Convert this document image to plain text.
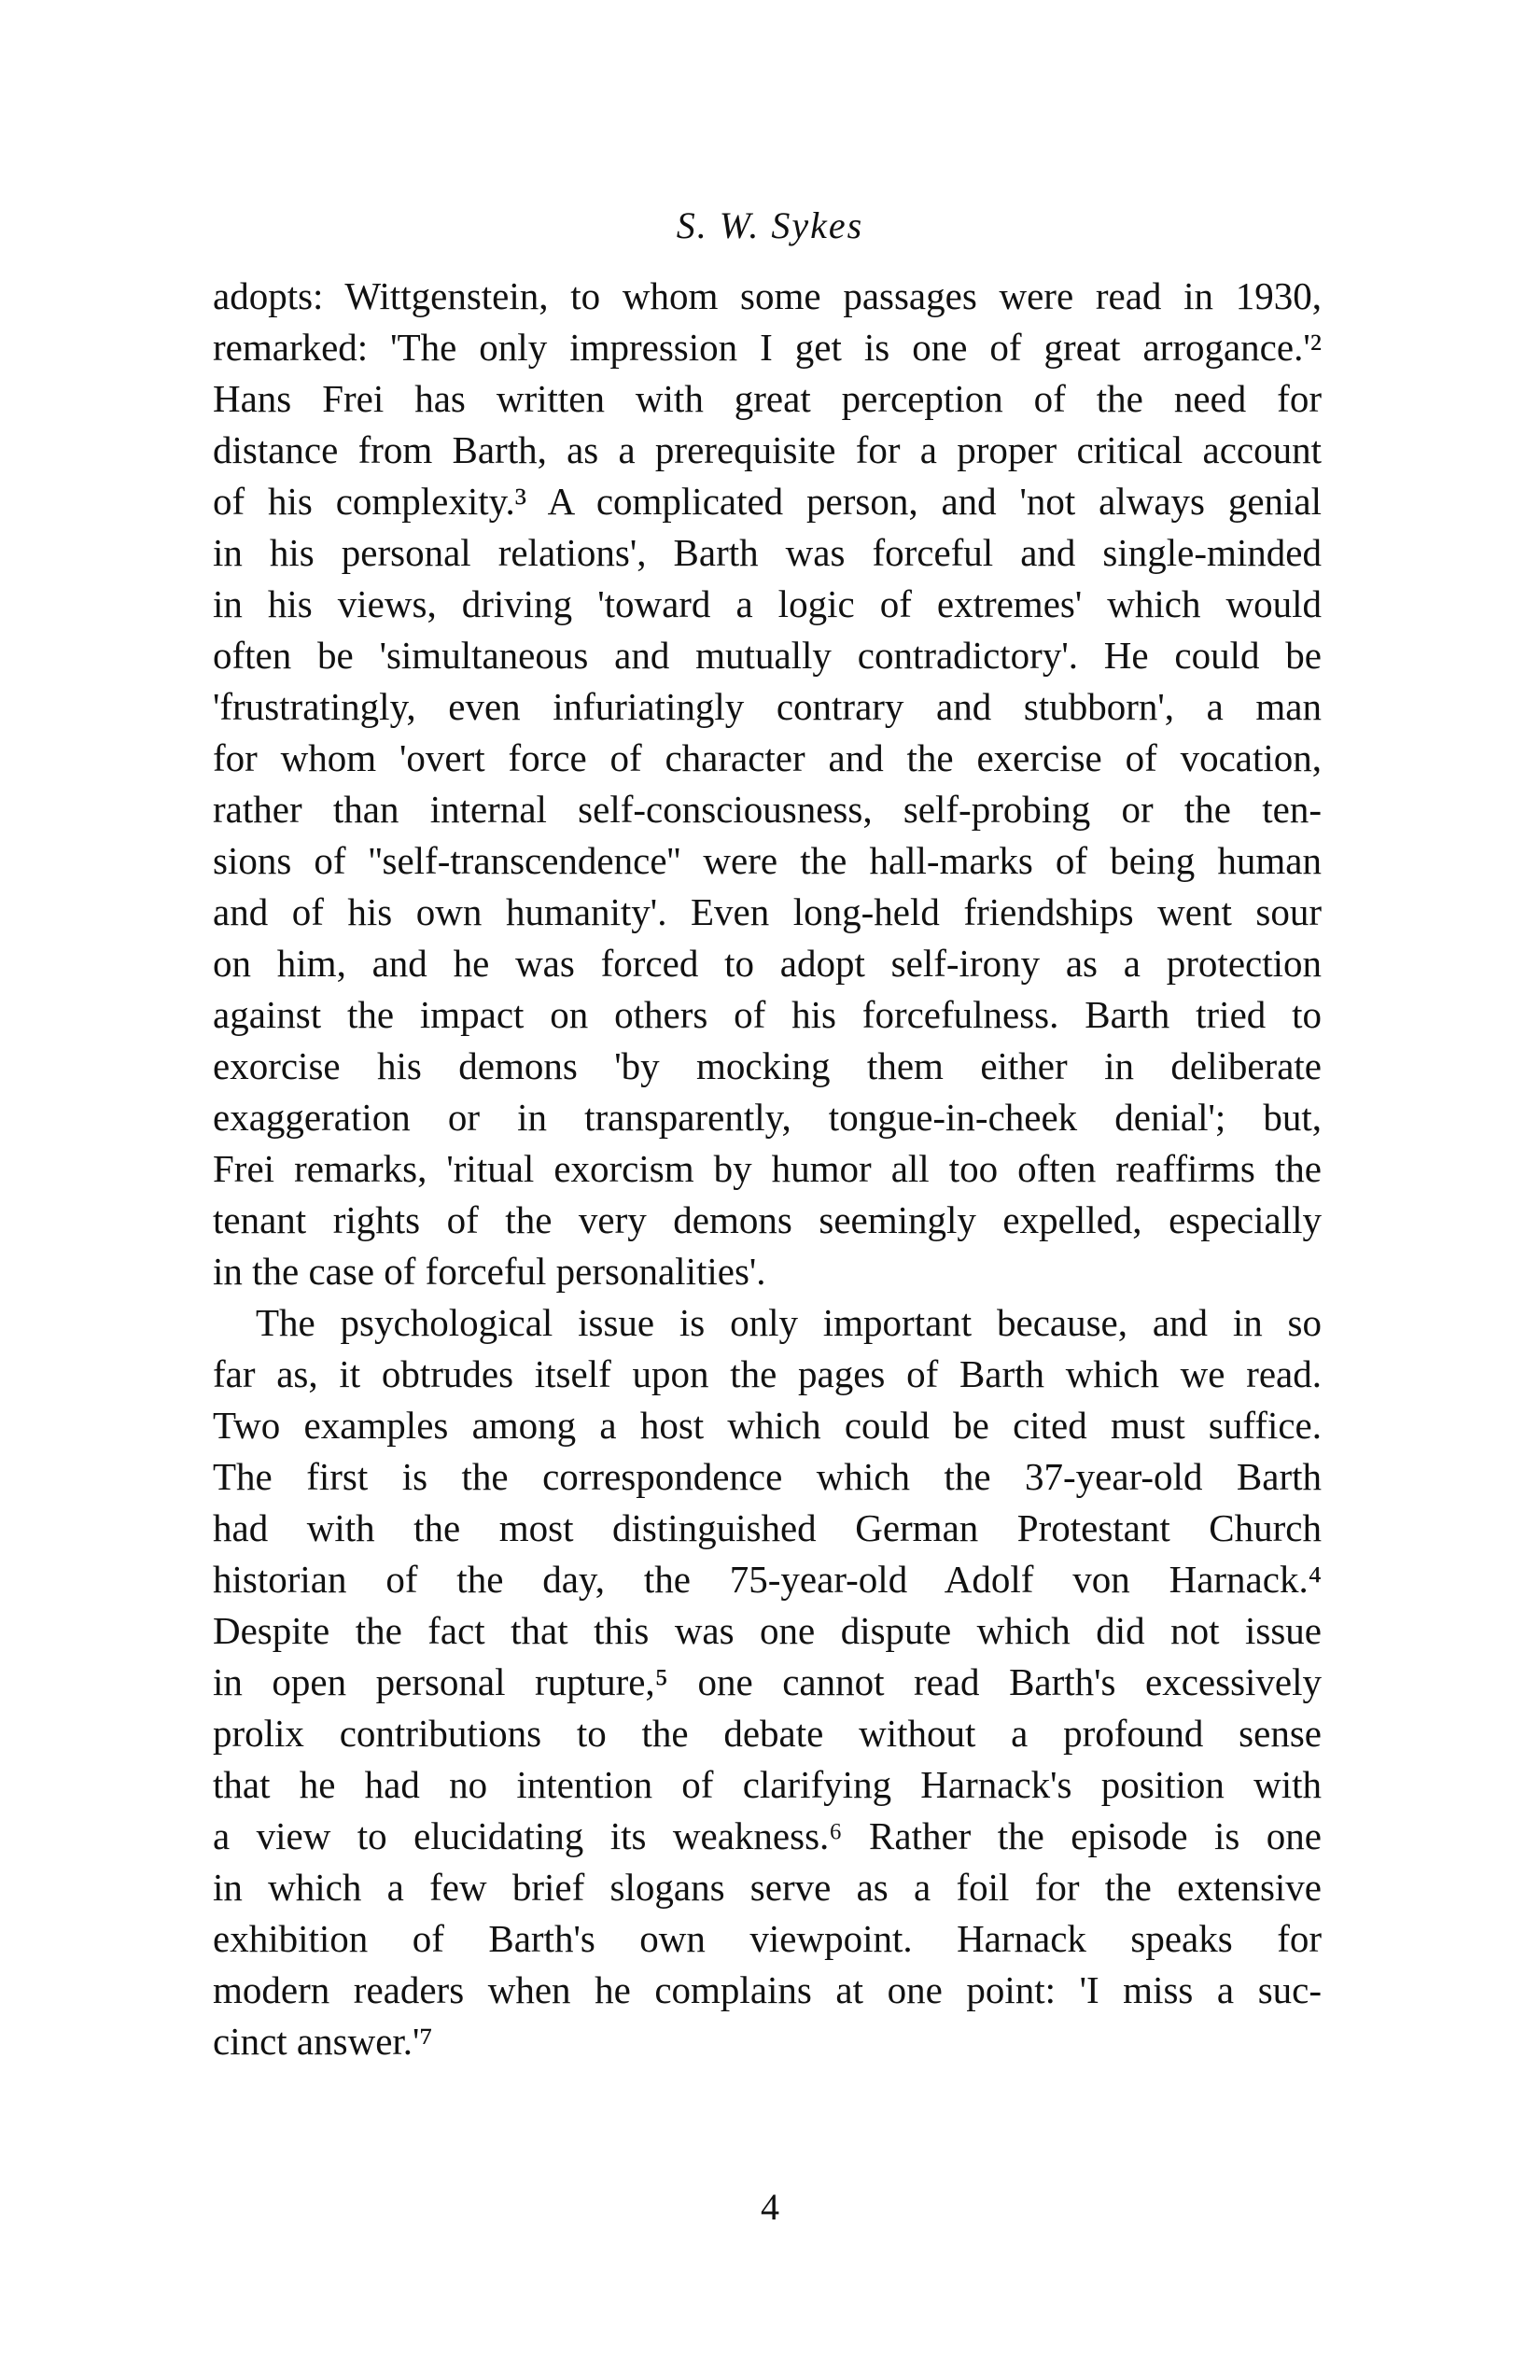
S. W. Sykes
adopts: Wittgenstein, to whom some passages were read in 1930,
remarked: 'The only impression I get is one of great arrogance.'²
Hans Frei has written with great perception of the need for
distance from Barth, as a prerequisite for a proper critical account
of his complexity.³ A complicated person, and 'not always genial
in his personal relations', Barth was forceful and single-minded
in his views, driving 'toward a logic of extremes' which would
often be 'simultaneous and mutually contradictory'. He could be
'frustratingly, even infuriatingly contrary and stubborn', a man
for whom 'overt force of character and the exercise of vocation,
rather than internal self-consciousness, self-probing or the ten-
sions of ''self-transcendence'' were the hall-marks of being human
and of his own humanity'. Even long-held friendships went sour
on him, and he was forced to adopt self-irony as a protection
against the impact on others of his forcefulness. Barth tried to
exorcise his demons 'by mocking them either in deliberate
exaggeration or in transparently, tongue-in-cheek denial'; but,
Frei remarks, 'ritual exorcism by humor all too often reaffirms the
tenant rights of the very demons seemingly expelled, especially
in the case of forceful personalities'.
The psychological issue is only important because, and in so
far as, it obtrudes itself upon the pages of Barth which we read.
Two examples among a host which could be cited must suffice.
The first is the correspondence which the 37-year-old Barth
had with the most distinguished German Protestant Church
historian of the day, the 75-year-old Adolf von Harnack.⁴
Despite the fact that this was one dispute which did not issue
in open personal rupture,⁵ one cannot read Barth's excessively
prolix contributions to the debate without a profound sense
that he had no intention of clarifying Harnack's position with
a view to elucidating its weakness.⁶ Rather the episode is one
in which a few brief slogans serve as a foil for the extensive
exhibition of Barth's own viewpoint. Harnack speaks for
modern readers when he complains at one point: 'I miss a suc-
cinct answer.'⁷
4
